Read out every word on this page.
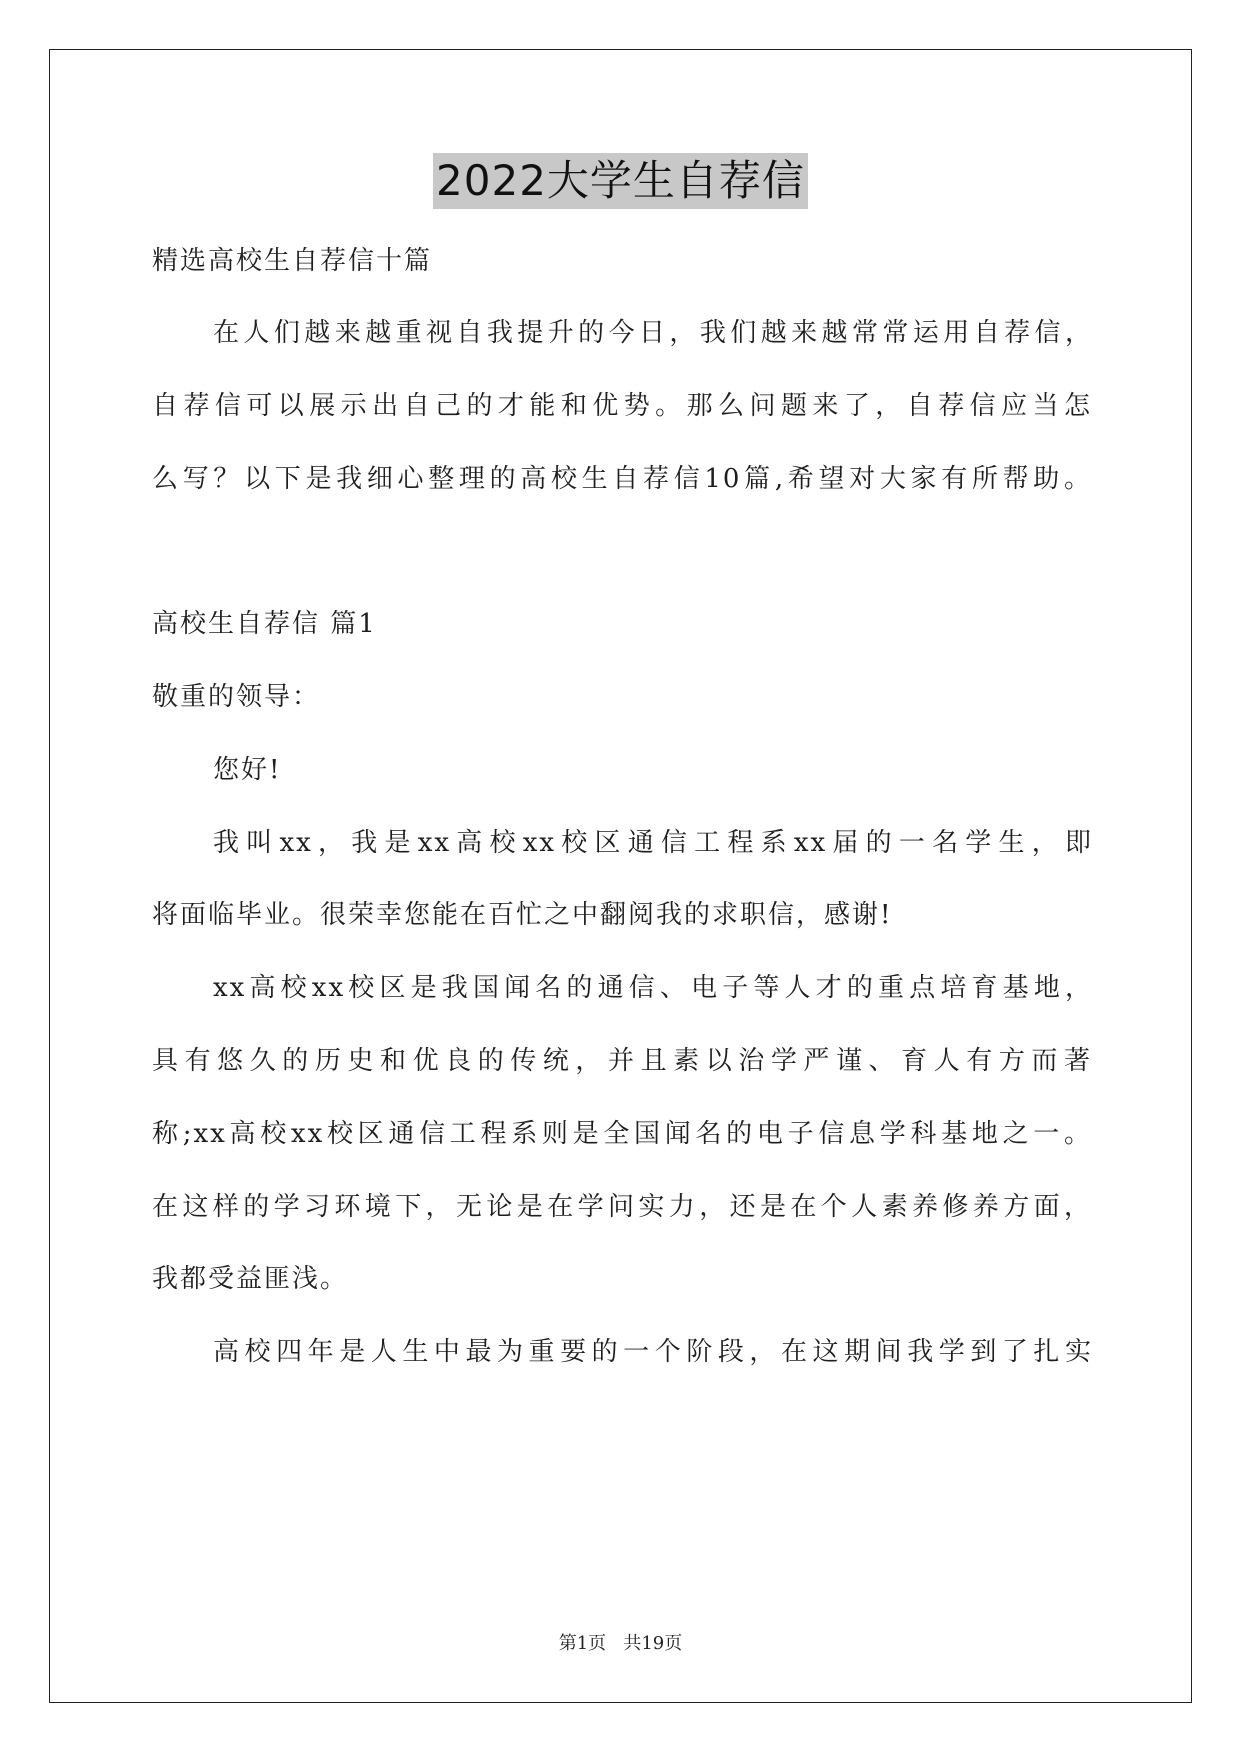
2022大学生自荐信
精选高校生自荐信十篇
在人们越来越重视自我提升的今日，我们越来越常常运用自荐信，
自荐信可以展示出自己的才能和优势。那么问题来了，自荐信应当怎
么写？以下是我细心整理的高校生自荐信10篇,希望对大家有所帮助。
高校生自荐信 篇1
敬重的领导：
您好!
我叫xx，我是xx高校xx校区通信工程系xx届的一名学生，即
将面临毕业。很荣幸您能在百忙之中翻阅我的求职信，感谢!
xx高校xx校区是我国闻名的通信、电子等人才的重点培育基地，
具有悠久的历史和优良的传统，并且素以治学严谨、育人有方而著
称;xx高校xx校区通信工程系则是全国闻名的电子信息学科基地之一。
在这样的学习环境下，无论是在学问实力，还是在个人素养修养方面，
我都受益匪浅。
高校四年是人生中最为重要的一个阶段，在这期间我学到了扎实
第1页 共19页
